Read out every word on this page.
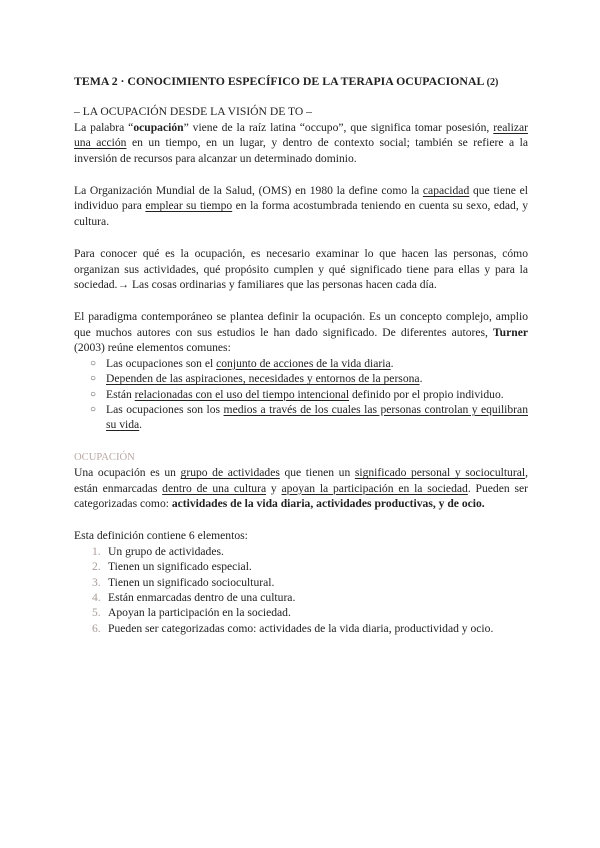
TEMA 2 · CONOCIMIENTO ESPECÍFICO DE LA TERAPIA OCUPACIONAL (2)

– LA OCUPACIÓN DESDE LA VISIÓN DE TO –

La palabra “ocupación” viene de la raíz latina “occupo”, que significa tomar posesión, realizar una acción en un tiempo, en un lugar, y dentro de contexto social; también se refiere a la inversión de recursos para alcanzar un determinado dominio.

La Organización Mundial de la Salud, (OMS) en 1980 la define como la capacidad que tiene el individuo para emplear su tiempo en la forma acostumbrada teniendo en cuenta su sexo, edad, y cultura.

Para conocer qué es la ocupación, es necesario examinar lo que hacen las personas, cómo organizan sus actividades, qué propósito cumplen y qué significado tiene para ellas y para la sociedad.→ Las cosas ordinarias y familiares que las personas hacen cada día.

El paradigma contemporáneo se plantea definir la ocupación. Es un concepto complejo, amplio que muchos autores con sus estudios le han dado significado. De diferentes autores, Turner (2003) reúne elementos comunes:

○ Las ocupaciones son el conjunto de acciones de la vida diaria.
○ Dependen de las aspiraciones, necesidades y entornos de la persona.
○ Están relacionadas con el uso del tiempo intencional definido por el propio individuo.
○ Las ocupaciones son los medios a través de los cuales las personas controlan y equilibran su vida.

OCUPACIÓN

Una ocupación es un grupo de actividades que tienen un significado personal y sociocultural, están enmarcadas dentro de una cultura y apoyan la participación en la sociedad. Pueden ser categorizadas como: actividades de la vida diaria, actividades productivas, y de ocio.

Esta definición contiene 6 elementos:

1. Un grupo de actividades.
2. Tienen un significado especial.
3. Tienen un significado sociocultural.
4. Están enmarcadas dentro de una cultura.
5. Apoyan la participación en la sociedad.
6. Pueden ser categorizadas como: actividades de la vida diaria, productividad y ocio.
